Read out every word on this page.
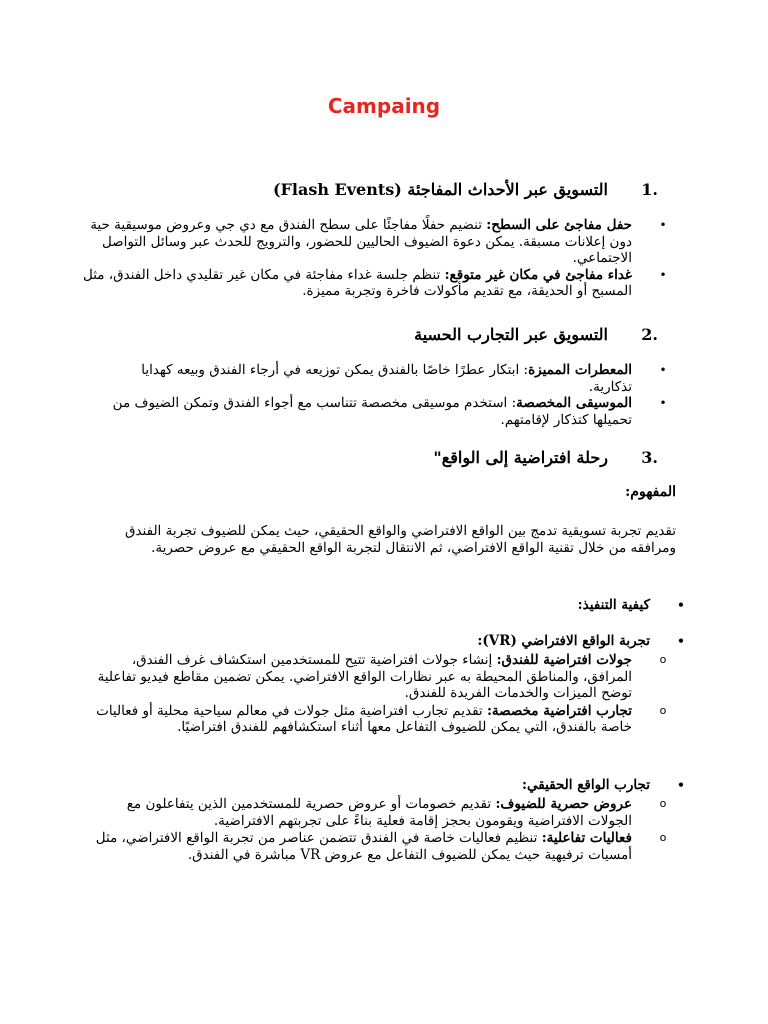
Campaing
.1التسويق عبر الأحداث المفاجئة (Flash Events)
•
حفل مفاجئ على السطح: تنضيم حفلًا مفاجئًا على سطح الفندق مع دي جي وعروض موسيقية حية دون إعلانات مسبقة. يمكن دعوة الضيوف الحاليين للحضور، والترويج للحدث عبر وسائل التواصل الاجتماعي.
•
غداء مفاجئ في مكان غير متوقع: تنظم جلسة غداء مفاجئة في مكان غير تقليدي داخل الفندق، مثل المسبح أو الحديقة، مع تقديم مأكولات فاخرة وتجربة مميزة.
.2التسويق عبر التجارب الحسية
•
المعطرات المميزة: ابتكار عطرًا خاصًا بالفندق يمكن توزيعه في أرجاء الفندق وبيعه كهدايا تذكارية.
•
الموسيقى المخصصة: استخدم موسيقى مخصصة تتناسب مع أجواء الفندق وتمكن الضيوف من تحميلها كتذكار لإقامتهم.
.3رحلة افتراضية إلى الواقع"
المفهوم:
تقديم تجربة تسويقية تدمج بين الواقع الافتراضي والواقع الحقيقي، حيث يمكن للضيوف تجربة الفندق ومرافقه من خلال تقنية الواقع الافتراضي، ثم الانتقال لتجربة الواقع الحقيقي مع عروض حصرية.
•
كيفية التنفيذ:
•
تجربة الواقع الافتراضي (VR):
o
جولات افتراضية للفندق: إنشاء جولات افتراضية تتيح للمستخدمين استكشاف غرف الفندق، المرافق، والمناطق المحيطة به عبر نظارات الواقع الافتراضي. يمكن تضمين مقاطع فيديو تفاعلية توضح الميزات والخدمات الفريدة للفندق.
o
تجارب افتراضية مخصصة: تقديم تجارب افتراضية مثل جولات في معالم سياحية محلية أو فعاليات خاصة بالفندق، التي يمكن للضيوف التفاعل معها أثناء استكشافهم للفندق افتراضيًا.
•
تجارب الواقع الحقيقي:
o
عروض حصرية للضيوف: تقديم خصومات أو عروض حصرية للمستخدمين الذين يتفاعلون مع الجولات الافتراضية ويقومون بحجز إقامة فعلية بناءً على تجربتهم الافتراضية.
o
فعاليات تفاعلية: تنظيم فعاليات خاصة في الفندق تتضمن عناصر من تجربة الواقع الافتراضي، مثل أمسيات ترفيهية حيث يمكن للضيوف التفاعل مع عروض VR مباشرة في الفندق.
